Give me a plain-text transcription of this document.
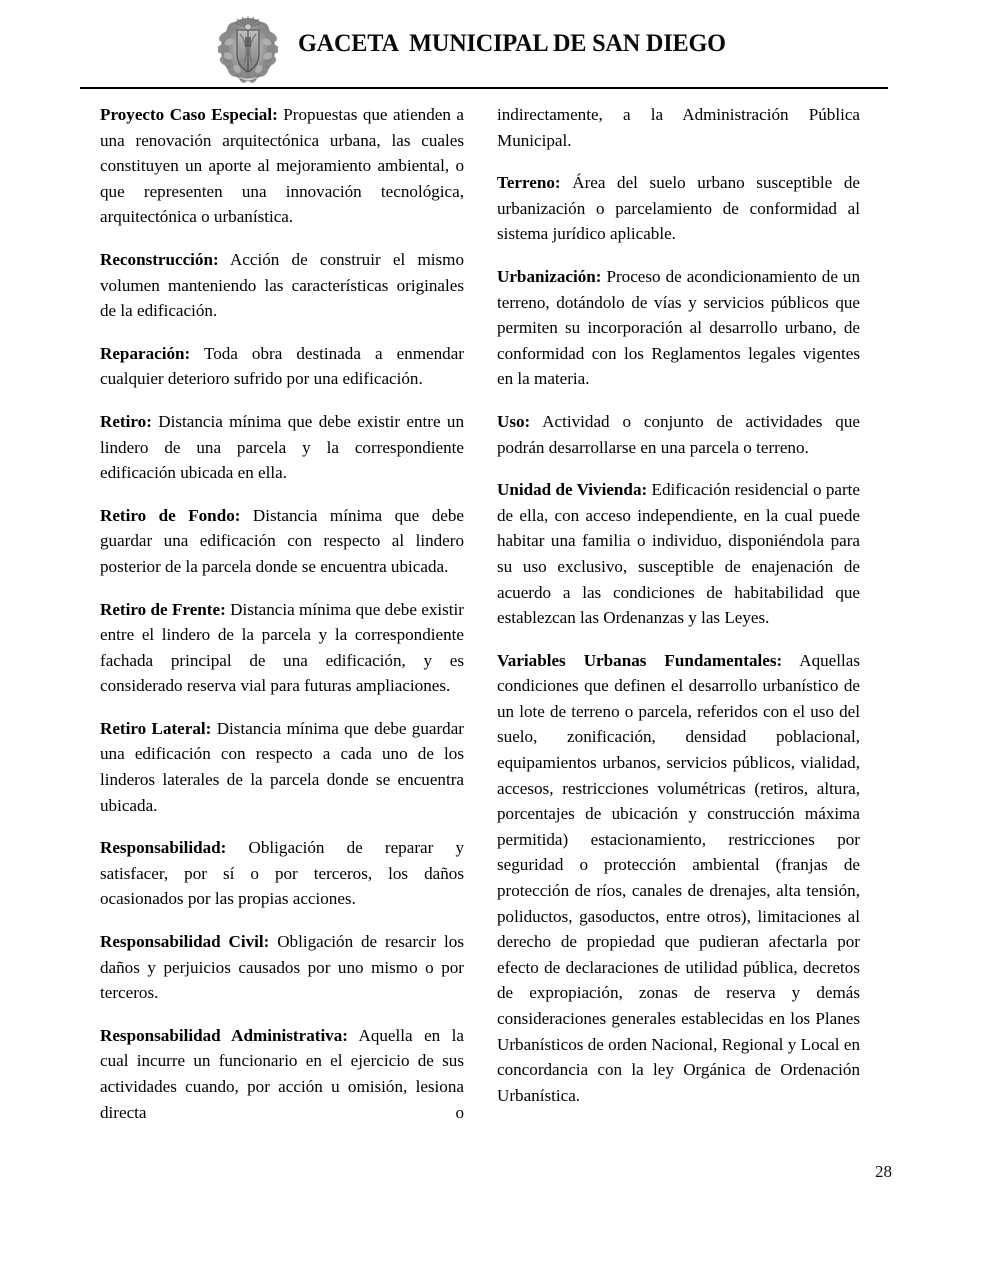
GACETA  MUNICIPAL DE SAN DIEGO

Proyecto Caso Especial: Propuestas que atienden a una renovación arquitectónica urbana, las cuales constituyen un aporte al mejoramiento ambiental, o que representen una innovación tecnológica, arquitectónica o urbanística.

Reconstrucción: Acción de construir el mismo volumen manteniendo las características originales de la edificación.

Reparación: Toda obra destinada a enmendar cualquier deterioro sufrido por una edificación.

Retiro: Distancia mínima que debe existir entre un lindero de una parcela y la correspondiente edificación ubicada en ella.

Retiro de Fondo: Distancia mínima que debe guardar una edificación con respecto al lindero posterior de la parcela donde se encuentra ubicada.

Retiro de Frente: Distancia mínima que debe existir entre el lindero de la parcela y la correspondiente fachada principal de una edificación, y es considerado reserva vial para futuras ampliaciones.

Retiro Lateral: Distancia mínima que debe guardar una edificación con respecto a cada uno de los linderos laterales de la parcela donde se encuentra ubicada.

Responsabilidad: Obligación de reparar y satisfacer, por sí o por terceros, los daños ocasionados por las propias acciones.

Responsabilidad Civil: Obligación de resarcir los daños y perjuicios causados por uno mismo o por terceros.

Responsabilidad Administrativa: Aquella en la cual incurre un funcionario en el ejercicio de sus actividades cuando, por acción u omisión, lesiona directa o

indirectamente, a la Administración Pública Municipal.

Terreno: Área del suelo urbano susceptible de urbanización o parcelamiento de conformidad al sistema jurídico aplicable.

Urbanización: Proceso de acondicionamiento de un terreno, dotándolo de vías y servicios públicos que permiten su incorporación al desarrollo urbano, de conformidad con los Reglamentos legales vigentes en la materia.

Uso: Actividad o conjunto de actividades que podrán desarrollarse en una parcela o terreno.

Unidad de Vivienda: Edificación residencial o parte de ella, con acceso independiente, en la cual puede habitar una familia o individuo, disponiéndola para su uso exclusivo, susceptible de enajenación de acuerdo a las condiciones de habitabilidad que establezcan las Ordenanzas y las Leyes.

Variables Urbanas Fundamentales: Aquellas condiciones que definen el desarrollo urbanístico de un lote de terreno o parcela, referidos con el uso del suelo, zonificación, densidad poblacional, equipamientos urbanos, servicios públicos, vialidad, accesos, restricciones volumétricas (retiros, altura, porcentajes de ubicación y construcción máxima permitida) estacionamiento, restricciones por seguridad o protección ambiental (franjas de protección de ríos, canales de drenajes, alta tensión, poliductos, gasoductos, entre otros), limitaciones al derecho de propiedad que pudieran afectarla por efecto de declaraciones de utilidad pública, decretos de expropiación, zonas de reserva y demás consideraciones generales establecidas en los Planes Urbanísticos de orden Nacional, Regional y Local en concordancia con la ley Orgánica de Ordenación Urbanística.

28
